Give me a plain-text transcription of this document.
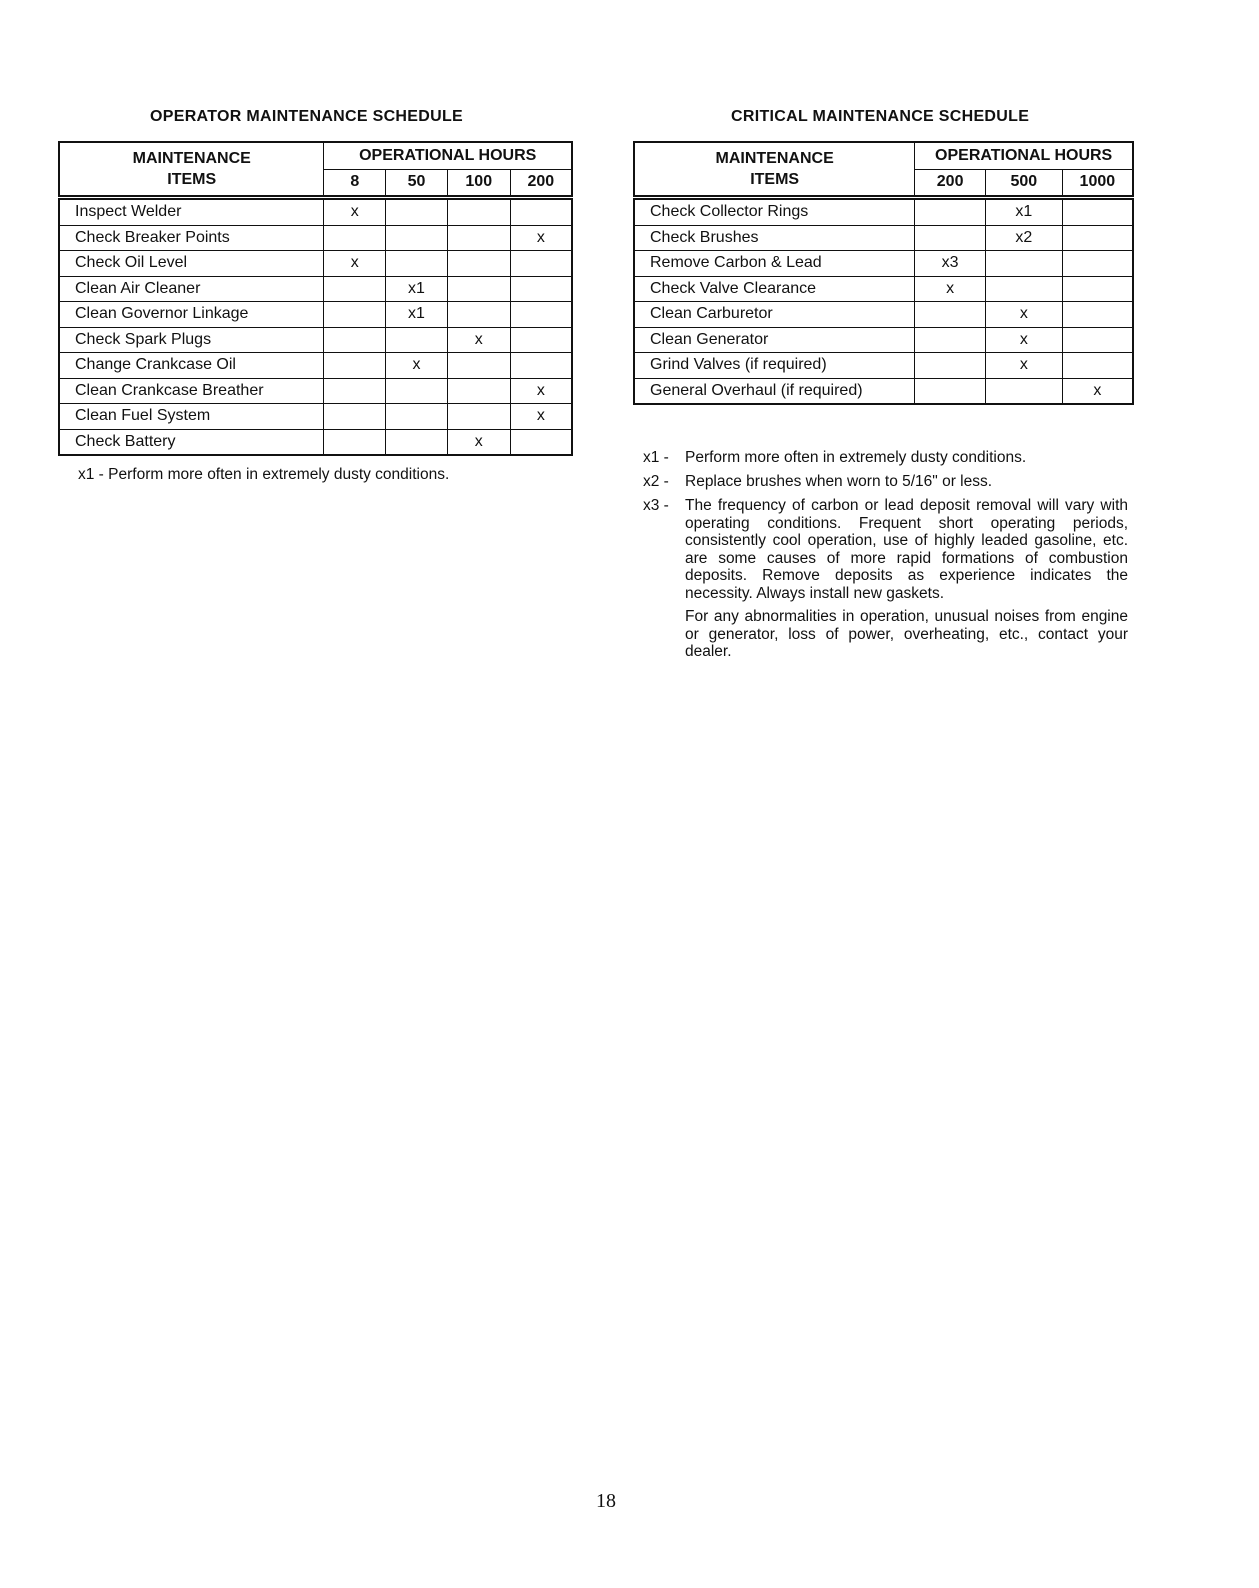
OPERATOR MAINTENANCE SCHEDULE
MAINTENANCE	OPERATIONAL HOURS			
ITEMS	8	50	100	200
Inspect Welder	x			
Check Breaker Points				x
Check Oil Level	x			
Clean Air Cleaner		x1		
Clean Governor Linkage		x1		
Check Spark Plugs			x	
Change Crankcase Oil		x		
Clean Crankcase Breather				x
Clean Fuel System				x
Check Battery			x	
x1 - Perform more often in extremely dusty conditions.
CRITICAL MAINTENANCE SCHEDULE
MAINTENANCE	OPERATIONAL HOURS		
ITEMS	200	500	1000
Check Collector Rings		x1	
Check Brushes		x2	
Remove Carbon & Lead	x3		
Check Valve Clearance	x		
Clean Carburetor		x	
Clean Generator		x	
Grind Valves (if required)		x	
General Overhaul (if required)			x
x1 -	Perform more often in extremely dusty conditions.
x2 -	Replace brushes when worn to 5/16" or less.
x3 -	The frequency of carbon or lead deposit removal will vary with operating conditions. Frequent short operating periods, consistently cool operation, use of highly leaded gasoline, etc. are some causes of more rapid formations of combustion deposits. Remove deposits as experience indicates the necessity. Always install new gaskets.
For any abnormalities in operation, unusual noises from engine or generator, loss of power, overheating, etc., contact your dealer.
18
